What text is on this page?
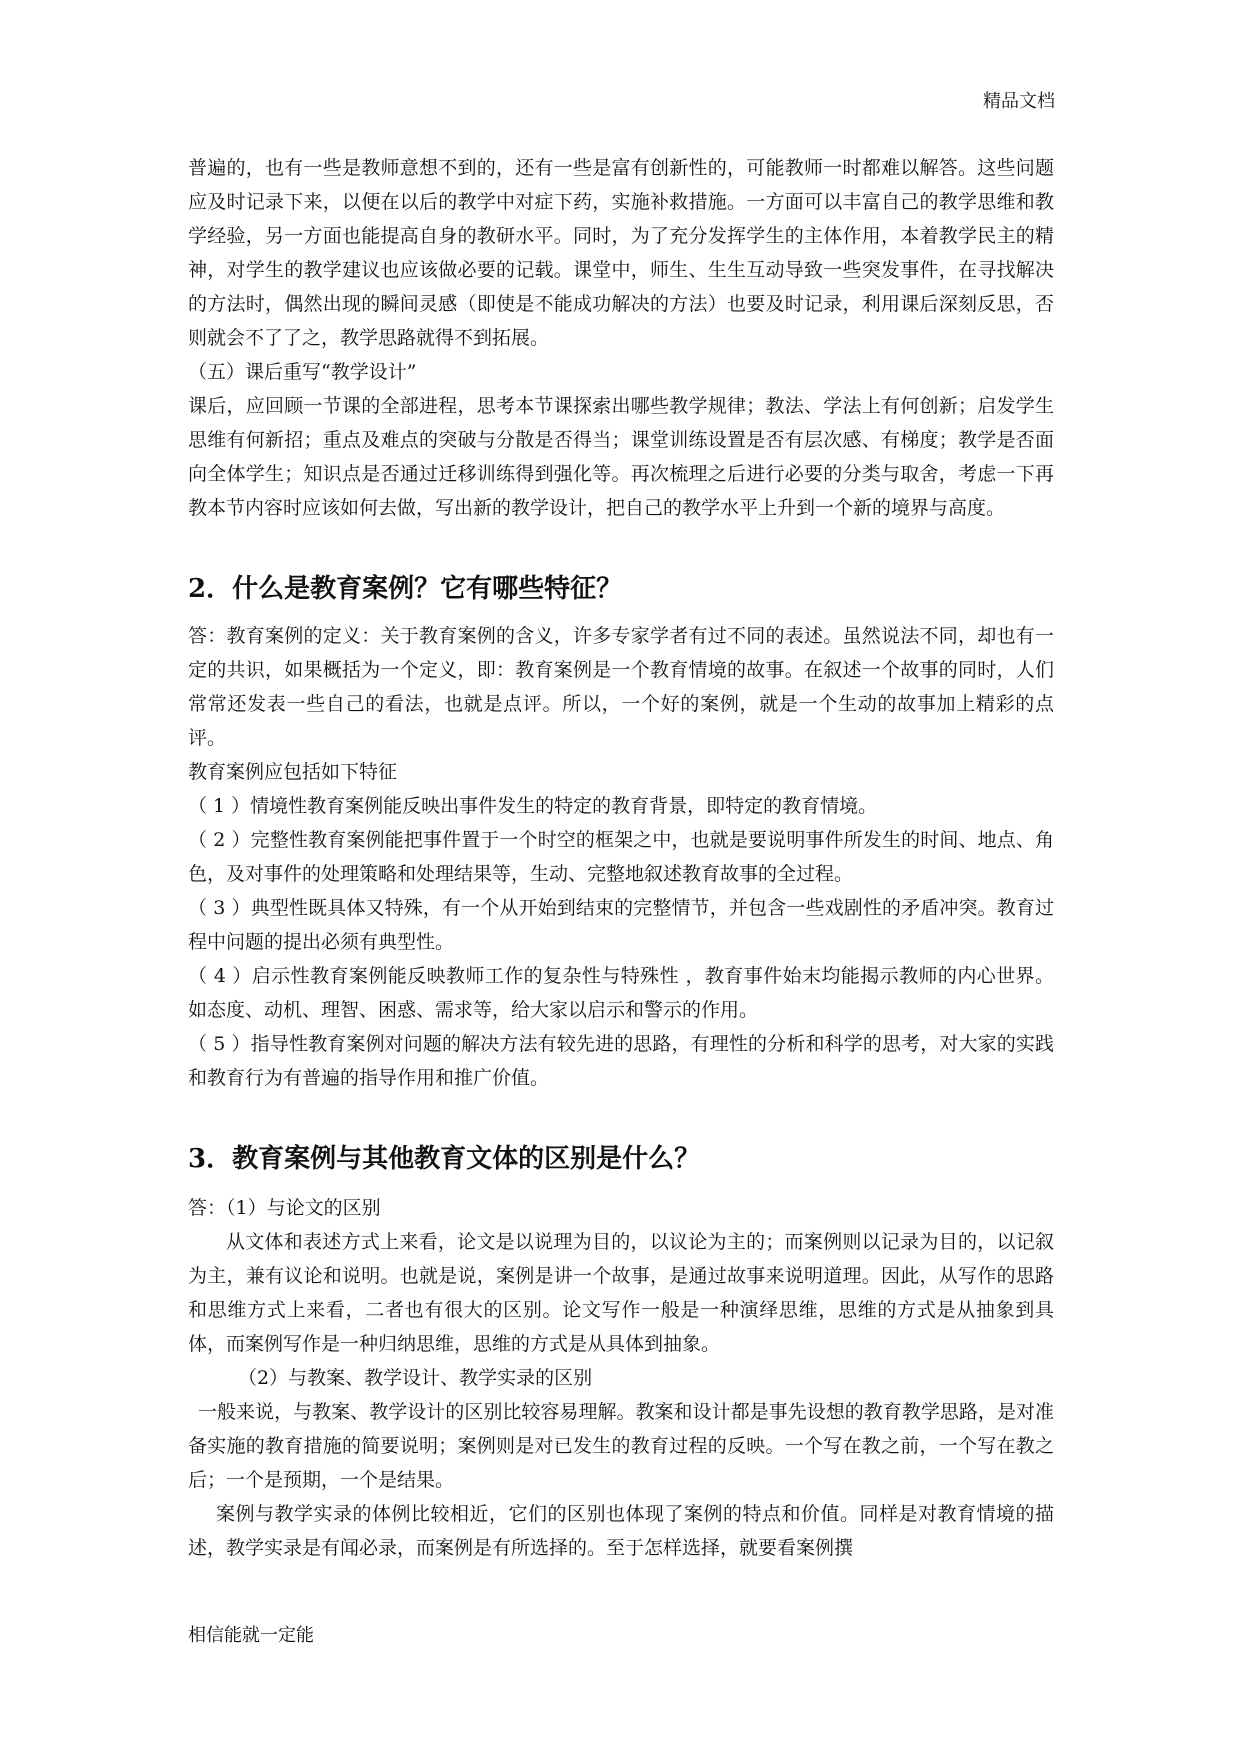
精品文档

普遍的，也有一些是教师意想不到的，还有一些是富有创新性的，可能教师一时都难以解答。这些问题应及时记录下来，以便在以后的教学中对症下药，实施补救措施。一方面可以丰富自己的教学思维和教学经验，另一方面也能提高自身的教研水平。同时，为了充分发挥学生的主体作用，本着教学民主的精神，对学生的教学建议也应该做必要的记载。课堂中，师生、生生互动导致一些突发事件，在寻找解决的方法时，偶然出现的瞬间灵感（即使是不能成功解决的方法）也要及时记录，利用课后深刻反思，否则就会不了了之，教学思路就得不到拓展。

（五）课后重写“教学设计”

课后，应回顾一节课的全部进程，思考本节课探索出哪些教学规律；教法、学法上有何创新；启发学生思维有何新招；重点及难点的突破与分散是否得当；课堂训练设置是否有层次感、有梯度；教学是否面向全体学生；知识点是否通过迁移训练得到强化等。再次梳理之后进行必要的分类与取舍，考虑一下再教本节内容时应该如何去做，写出新的教学设计，把自己的教学水平上升到一个新的境界与高度。

2．什么是教育案例？它有哪些特征？

答：教育案例的定义：关于教育案例的含义，许多专家学者有过不同的表述。虽然说法不同，却也有一定的共识，如果概括为一个定义，即：教育案例是一个教育情境的故事。在叙述一个故事的同时，人们常常还发表一些自己的看法，也就是点评。所以，一个好的案例，就是一个生动的故事加上精彩的点评。

教育案例应包括如下特征

（ 1 ）情境性教育案例能反映出事件发生的特定的教育背景，即特定的教育情境。

（ 2 ）完整性教育案例能把事件置于一个时空的框架之中，也就是要说明事件所发生的时间、地点、角色，及对事件的处理策略和处理结果等，生动、完整地叙述教育故事的全过程。

（ 3 ）典型性既具体又特殊，有一个从开始到结束的完整情节，并包含一些戏剧性的矛盾冲突。教育过程中问题的提出必须有典型性。

（ 4 ）启示性教育案例能反映教师工作的复杂性与特殊性 ，教育事件始末均能揭示教师的内心世界。如态度、动机、理智、困惑、需求等，给大家以启示和警示的作用。

（ 5 ）指导性教育案例对问题的解决方法有较先进的思路，有理性的分析和科学的思考，对大家的实践和教育行为有普遍的指导作用和推广价值。

3．教育案例与其他教育文体的区别是什么？

答：（1）与论文的区别

从文体和表述方式上来看，论文是以说理为目的，以议论为主的；而案例则以记录为目的，以记叙为主，兼有议论和说明。也就是说，案例是讲一个故事，是通过故事来说明道理。因此，从写作的思路和思维方式上来看，二者也有很大的区别。论文写作一般是一种演绎思维，思维的方式是从抽象到具体，而案例写作是一种归纳思维，思维的方式是从具体到抽象。

（2）与教案、教学设计、教学实录的区别

一般来说，与教案、教学设计的区别比较容易理解。教案和设计都是事先设想的教育教学思路，是对准备实施的教育措施的简要说明；案例则是对已发生的教育过程的反映。一个写在教之前，一个写在教之后；一个是预期，一个是结果。

案例与教学实录的体例比较相近，它们的区别也体现了案例的特点和价值。同样是对教育情境的描述，教学实录是有闻必录，而案例是有所选择的。至于怎样选择，就要看案例撰

相信能就一定能
